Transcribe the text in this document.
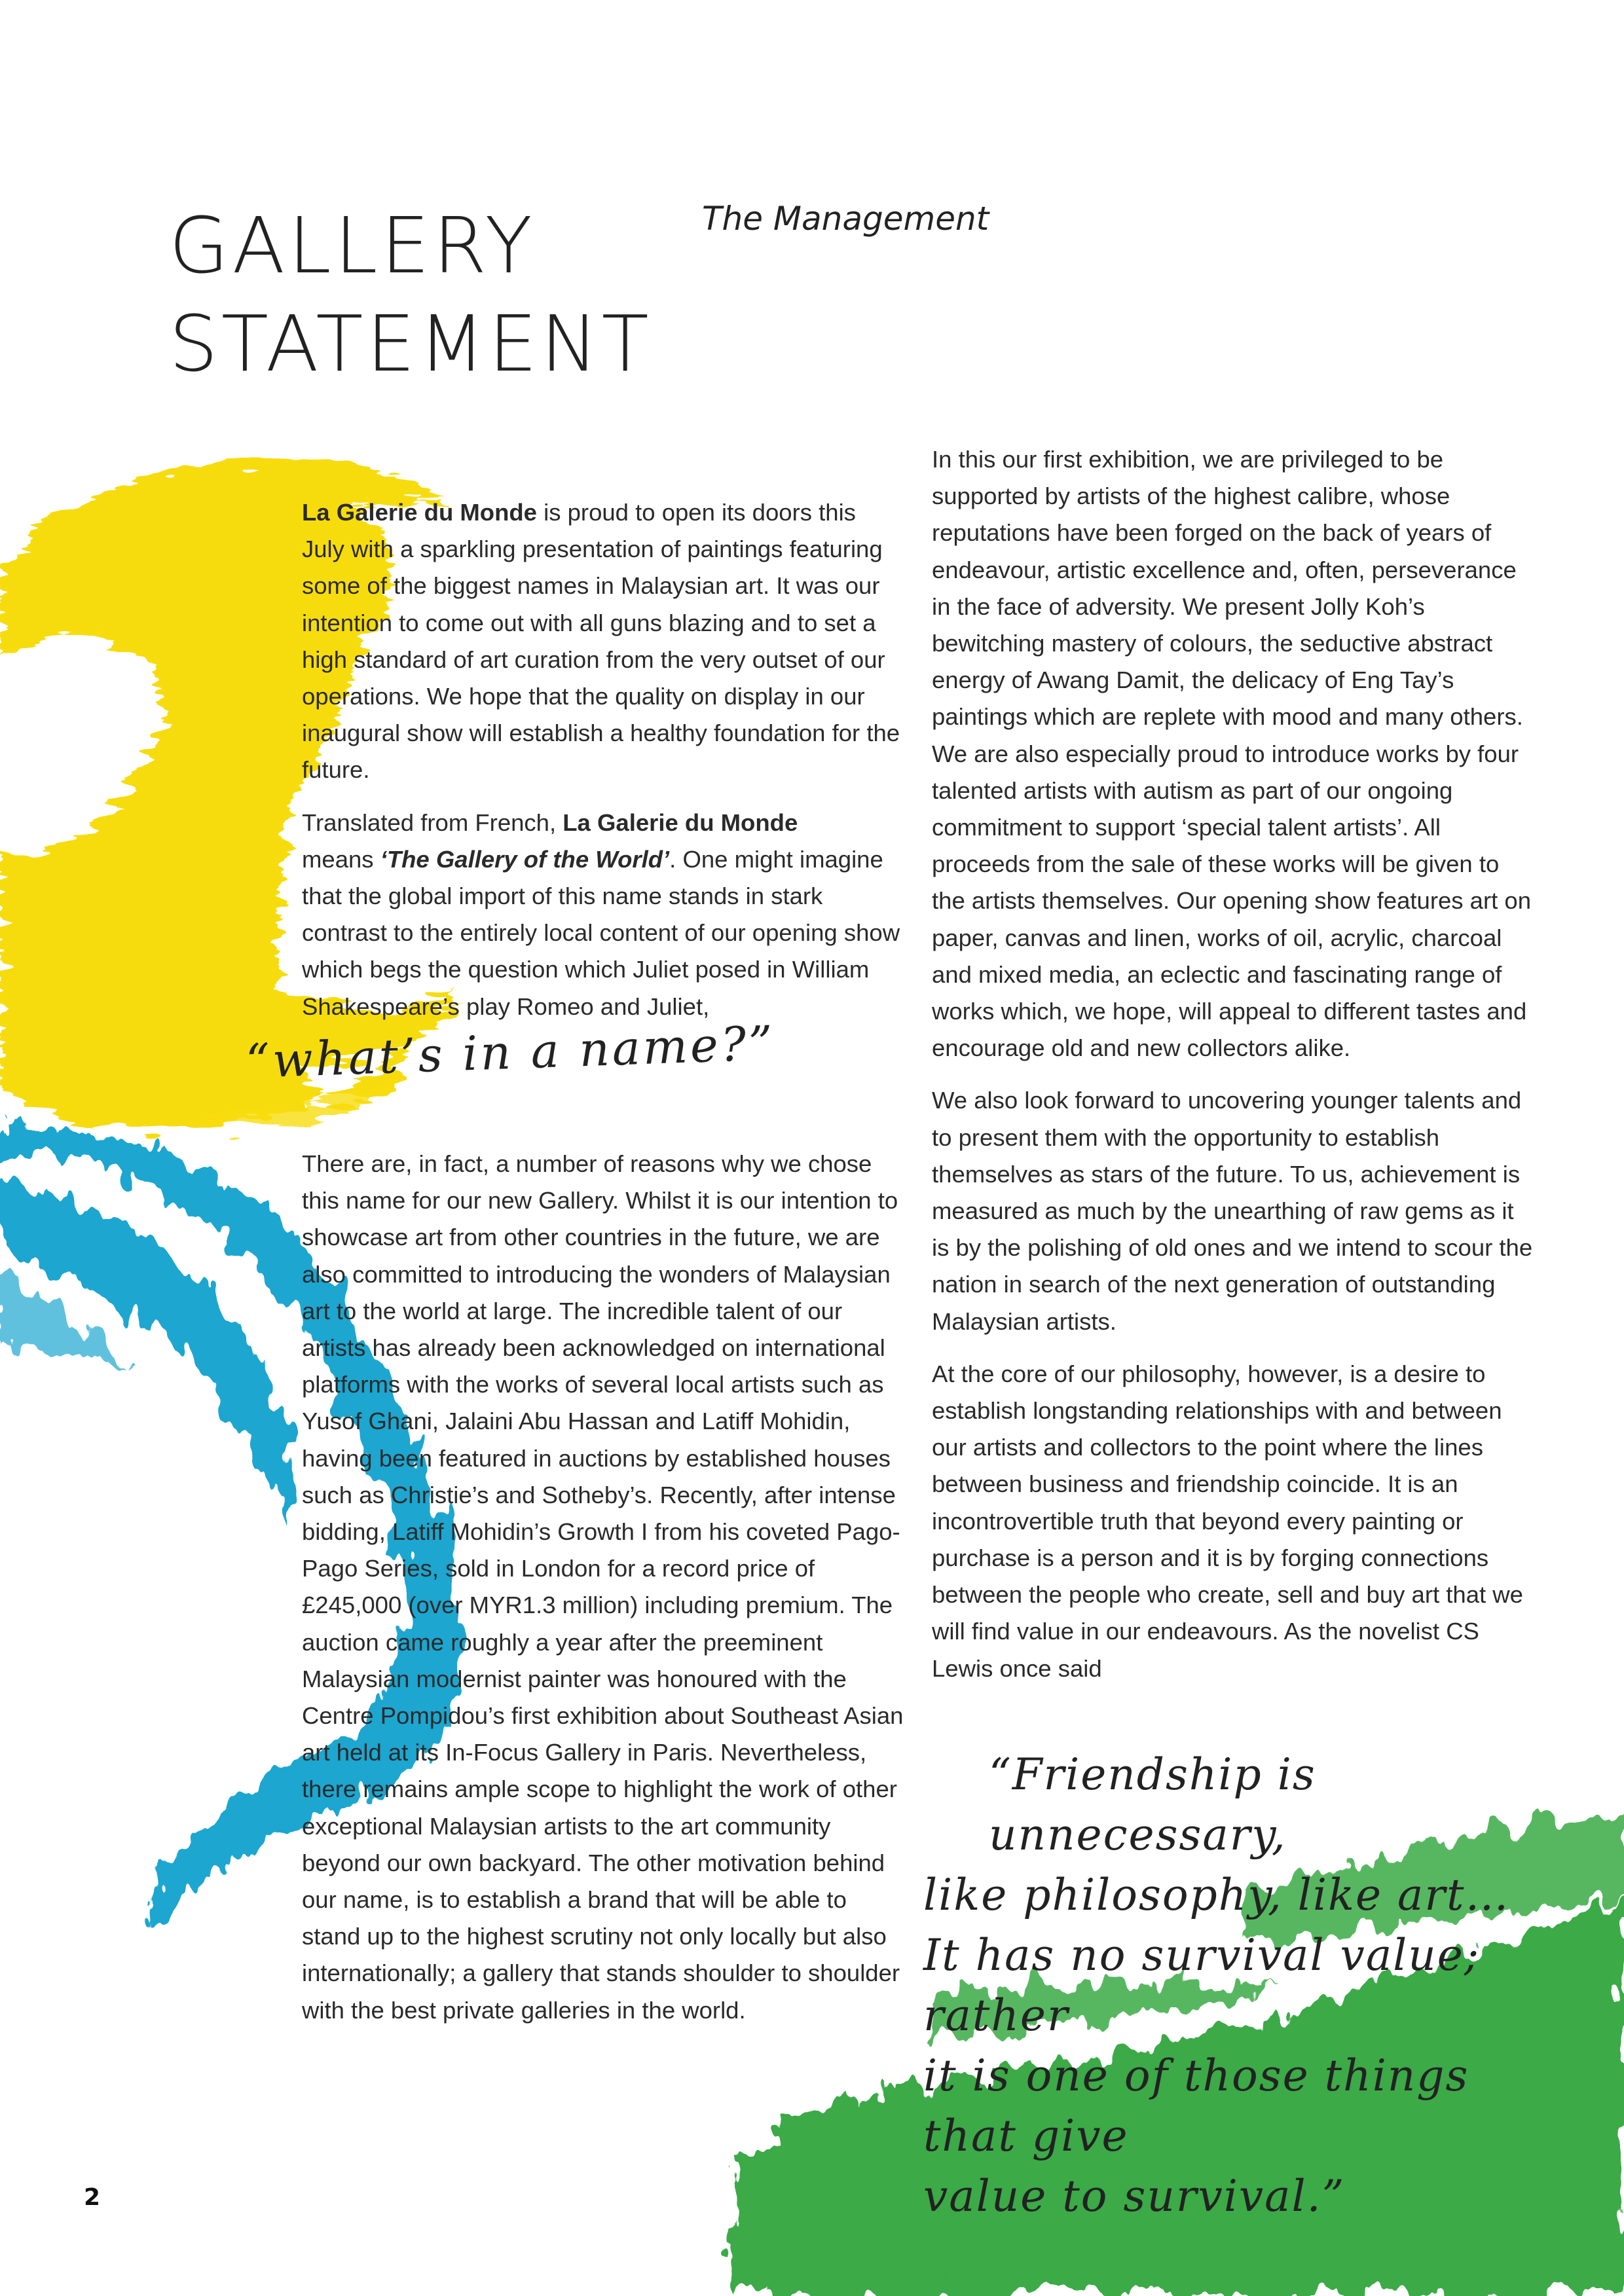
GALLERY
STATEMENT
The Management

La Galerie du Monde is proud to open its doors this July with a sparkling presentation of paintings featuring some of the biggest names in Malaysian art. It was our intention to come out with all guns blazing and to set a high standard of art curation from the very outset of our operations. We hope that the quality on display in our inaugural show will establish a healthy foundation for the future.

Translated from French, La Galerie du Monde
means ‘The Gallery of the World’. One might imagine that the global import of this name stands in stark contrast to the entirely local content of our opening show which begs the question which Juliet posed in William Shakespeare’s play Romeo and Juliet,

There are, in fact, a number of reasons why we chose this name for our new Gallery. Whilst it is our intention to showcase art from other countries in the future, we are also committed to introducing the wonders of Malaysian art to the world at large. The incredible talent of our artists has already been acknowledged on international platforms with the works of several local artists such as Yusof Ghani, Jalaini Abu Hassan and Latiff Mohidin, having been featured in auctions by established houses such as Christie’s and Sotheby’s. Recently, after intense bidding, Latiff Mohidin’s Growth I from his coveted Pago-Pago Series, sold in London for a record price of £245,000 (over MYR1.3 million) including premium. The auction came roughly a year after the preeminent Malaysian modernist painter was honoured with the Centre Pompidou’s first exhibition about Southeast Asian art held at its In-Focus Gallery in Paris. Nevertheless, there remains ample scope to highlight the work of other exceptional Malaysian artists to the art community beyond our own backyard. The other motivation behind our name, is to establish a brand that will be able to stand up to the highest scrutiny not only locally but also internationally; a gallery that stands shoulder to shoulder with the best private galleries in the world.

“what’s in a name?”

In this our first exhibition, we are privileged to be supported by artists of the highest calibre, whose reputations have been forged on the back of years of endeavour, artistic excellence and, often, perseverance in the face of adversity. We present Jolly Koh’s bewitching mastery of colours, the seductive abstract energy of Awang Damit, the delicacy of Eng Tay’s paintings which are replete with mood and many others. We are also especially proud to introduce works by four talented artists with autism as part of our ongoing commitment to support ‘special talent artists’. All proceeds from the sale of these works will be given to the artists themselves. Our opening show features art on paper, canvas and linen, works of oil, acrylic, charcoal and mixed media, an eclectic and fascinating range of works which, we hope, will appeal to different tastes and encourage old and new collectors alike.

We also look forward to uncovering younger talents and to present them with the opportunity to establish themselves as stars of the future. To us, achievement is measured as much by the unearthing of raw gems as it is by the polishing of old ones and we intend to scour the nation in search of the next generation of outstanding Malaysian artists.

At the core of our philosophy, however, is a desire to establish longstanding relationships with and between our artists and collectors to the point where the lines between business and friendship coincide. It is an incontrovertible truth that beyond every painting or purchase is a person and it is by forging connections between the people who create, sell and buy art that we will find value in our endeavours. As the novelist CS Lewis once said

“Friendship is unnecessary,
like philosophy, like art…
It has no survival value; rather
it is one of those things that give
value to survival.”
2
